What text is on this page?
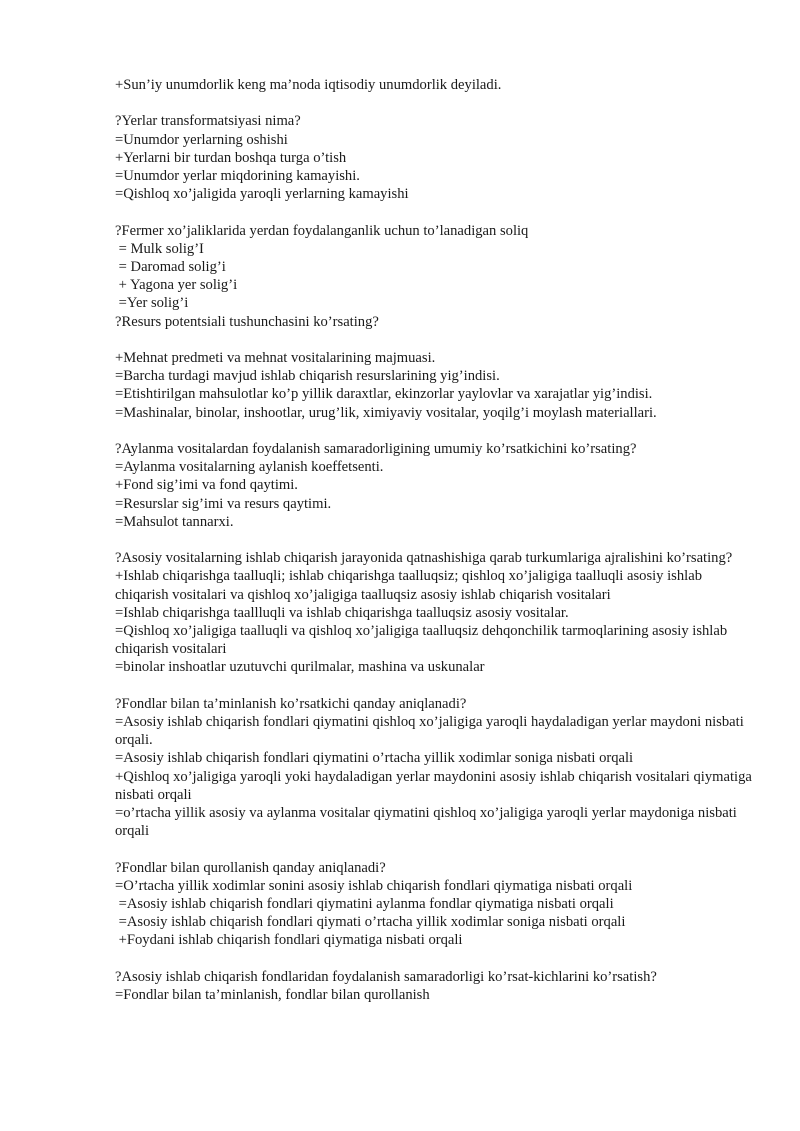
+Sun’iy unumdorlik keng ma’noda iqtisodiy unumdorlik deyiladi.
?Yerlar transformatsiyasi nima?
=Unumdor yerlarning oshishi
+Yerlarni bir turdan boshqa turga o’tish
=Unumdor yerlar miqdorining kamayishi.
=Qishloq xo’jaligida yaroqli yerlarning kamayishi
?Fermer xo’jaliklarida yerdan foydalanganlik uchun to’lanadigan soliq
= Mulk solig’I
= Daromad solig’i
+ Yagona yer solig’i
=Yer solig’i
?Resurs potentsiali tushunchasini ko’rsating?
+Mehnat predmeti va mehnat vositalarining majmuasi.
=Barcha turdagi mavjud ishlab chiqarish resurslarining yig’indisi.
=Etishtirilgan mahsulotlar ko’p yillik daraxtlar, ekinzorlar yaylovlar va xarajatlar yig’indisi.
=Mashinalar, binolar, inshootlar, urug’lik, ximiyaviy vositalar, yoqilg’i moylash materiallari.
?Aylanma vositalardan foydalanish samaradorligining umumiy ko’rsatkichini ko’rsating?
=Aylanma vositalarning aylanish koeffetsenti.
+Fond sig’imi va fond qaytimi.
=Resurslar sig’imi va resurs qaytimi.
=Mahsulot tannarxi.
?Asosiy vositalarning ishlab chiqarish jarayonida qatnashishiga qarab turkumlariga ajralishini ko’rsating?
+Ishlab chiqarishga taalluqli; ishlab chiqarishga taalluqsiz; qishloq xo’jaligiga taalluqli asosiy ishlab chiqarish vositalari va qishloq xo’jaligiga taalluqsiz asosiy ishlab chiqarish vositalari
=Ishlab chiqarishga taallluqli va ishlab chiqarishga taalluqsiz asosiy vositalar.
=Qishloq xo’jaligiga taalluqli va qishloq xo’jaligiga taalluqsiz dehqonchilik tarmoqlarining asosiy ishlab chiqarish vositalari
=binolar inshoatlar uzutuvchi qurilmalar, mashina va uskunalar
?Fondlar bilan ta’minlanish ko’rsatkichi qanday aniqlanadi?
=Asosiy ishlab chiqarish fondlari qiymatini qishloq xo’jaligiga yaroqli haydaladigan yerlar maydoni nisbati orqali.
=Asosiy ishlab chiqarish fondlari qiymatini o’rtacha yillik xodimlar soniga nisbati orqali
+Qishloq xo’jaligiga yaroqli yoki haydaladigan yerlar maydonini asosiy ishlab chiqarish vositalari qiymatiga nisbati orqali
=o’rtacha yillik asosiy va aylanma vositalar qiymatini qishloq xo’jaligiga yaroqli yerlar maydoniga nisbati orqali
?Fondlar bilan qurollanish qanday aniqlanadi?
=O’rtacha yillik xodimlar sonini asosiy ishlab chiqarish fondlari qiymatiga nisbati orqali
=Asosiy ishlab chiqarish fondlari qiymatini aylanma fondlar qiymatiga nisbati orqali
=Asosiy ishlab chiqarish fondlari qiymati o’rtacha yillik xodimlar soniga nisbati orqali
+Foydani ishlab chiqarish fondlari qiymatiga nisbati orqali
?Asosiy ishlab chiqarish fondlaridan foydalanish samaradorligi ko’rsat-kichlarini ko’rsatish?
=Fondlar bilan ta’minlanish, fondlar bilan qurollanish
